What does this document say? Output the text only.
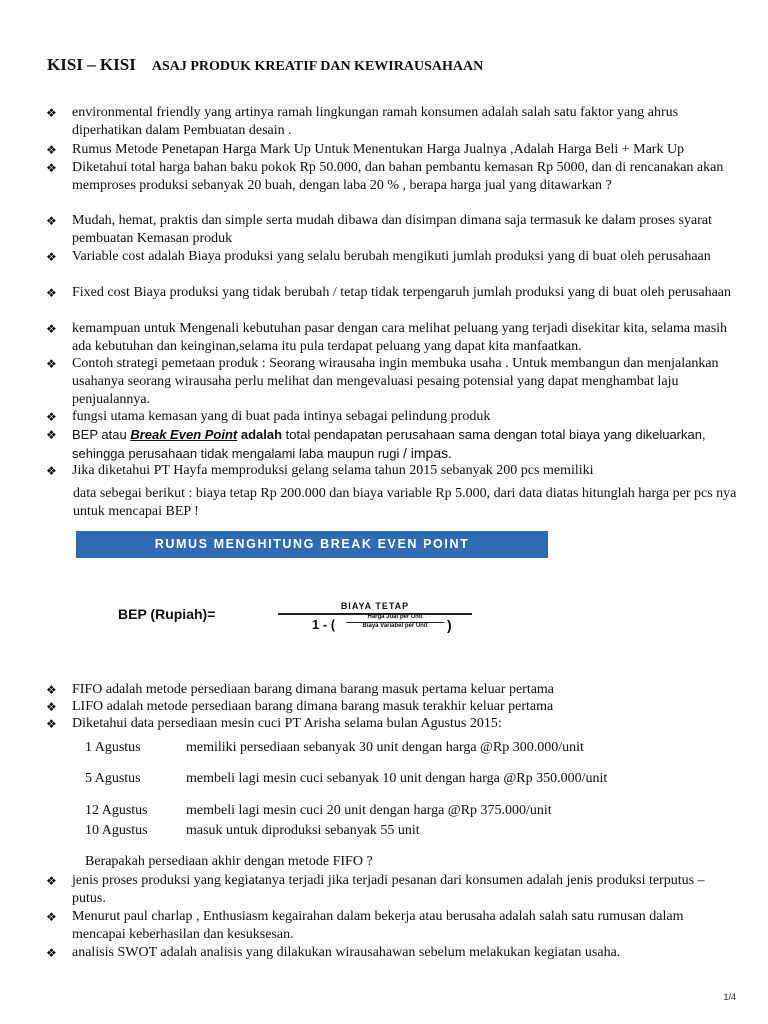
KISI – KISI ASAJ PRODUK KREATIF DAN KEWIRAUSAHAAN
❖ environmental friendly yang artinya ramah lingkungan ramah konsumen adalah salah satu faktor yang ahrus diperhatikan dalam Pembuatan desain .
❖ Rumus Metode Penetapan Harga Mark Up Untuk Menentukan Harga Jualnya ,Adalah Harga Beli + Mark Up
❖ Diketahui total harga bahan baku pokok Rp 50.000, dan bahan pembantu kemasan Rp 5000, dan di rencanakan akan memproses produksi sebanyak 20 buah, dengan laba 20 % , berapa harga jual yang ditawarkan ?
❖ Mudah, hemat, praktis dan simple serta mudah dibawa dan disimpan dimana saja termasuk ke dalam proses syarat pembuatan Kemasan produk
❖ Variable cost adalah Biaya produksi yang selalu berubah mengikuti jumlah produksi yang di buat oleh perusahaan
❖ Fixed cost Biaya produksi yang tidak berubah / tetap tidak terpengaruh jumlah produksi yang di buat oleh perusahaan
❖ kemampuan untuk Mengenali kebutuhan pasar dengan cara melihat peluang yang terjadi disekitar kita, selama masih ada kebutuhan dan keinginan,selama itu pula terdapat peluang yang dapat kita manfaatkan.
❖ Contoh strategi pemetaan produk : Seorang wirausaha ingin membuka usaha . Untuk membangun dan menjalankan usahanya seorang wirausaha perlu melihat dan mengevaluasi pesaing potensial yang dapat menghambat laju penjualannya.
❖ fungsi utama kemasan yang di buat pada intinya sebagai pelindung produk
❖ BEP atau Break Even Point adalah total pendapatan perusahaan sama dengan total biaya yang dikeluarkan, sehingga perusahaan tidak mengalami laba maupun rugi / impas.
❖ Jika diketahui PT Hayfa memproduksi gelang selama tahun 2015 sebanyak 200 pcs memiliki
data sebegai berikut : biaya tetap Rp 200.000 dan biaya variable Rp 5.000, dari data diatas hitunglah harga per pcs nya untuk mencapai BEP !
RUMUS MENGHITUNG BREAK EVEN POINT
BEP (Rupiah)=	BIAYA TETAP
1 - (	Harga Jual per Unit
Biaya Variabel per Unit	)
❖ FIFO adalah metode persediaan barang dimana barang masuk pertama keluar pertama
❖ LIFO adalah metode persediaan barang dimana barang masuk terakhir keluar pertama
❖ Diketahui data persediaan mesin cuci PT Arisha selama bulan Agustus 2015:
1 Agustus	memiliki persediaan sebanyak 30 unit dengan harga @Rp 300.000/unit
5 Agustus	membeli lagi mesin cuci sebanyak 10 unit dengan harga @Rp 350.000/unit
12 Agustus	membeli lagi mesin cuci 20 unit dengan harga @Rp 375.000/unit
10 Agustus	masuk untuk diproduksi sebanyak 55 unit
Berapakah persediaan akhir dengan metode FIFO ?
❖ jenis proses produksi yang kegiatanya terjadi jika terjadi pesanan dari konsumen adalah jenis produksi terputus – putus.
❖ Menurut paul charlap , Enthusiasm kegairahan dalam bekerja atau berusaha adalah salah satu rumusan dalam mencapai keberhasilan dan kesuksesan.
❖ analisis SWOT adalah analisis yang dilakukan wirausahawan sebelum melakukan kegiatan usaha.
1/4
